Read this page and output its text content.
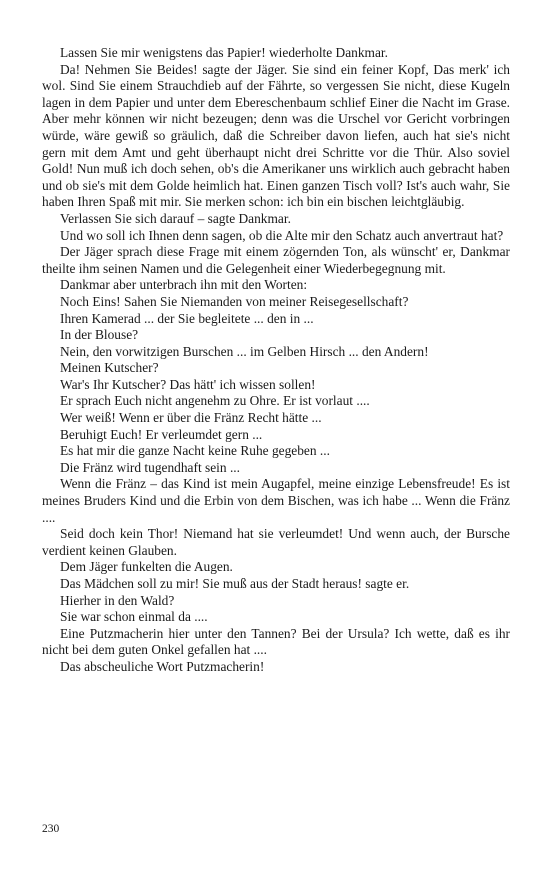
Lassen Sie mir wenigstens das Papier! wiederholte Dankmar.

Da! Nehmen Sie Beides! sagte der Jäger. Sie sind ein feiner Kopf, Das merk' ich wol. Sind Sie einem Strauchdieb auf der Fährte, so vergessen Sie nicht, diese Kugeln lagen in dem Papier und unter dem Ebereschenbaum schlief Einer die Nacht im Grase. Aber mehr können wir nicht bezeugen; denn was die Urschel vor Gericht vorbringen würde, wäre gewiß so gräulich, daß die Schreiber davon liefen, auch hat sie's nicht gern mit dem Amt und geht überhaupt nicht drei Schritte vor die Thür. Also soviel Gold! Nun muß ich doch sehen, ob's die Amerikaner uns wirklich auch gebracht haben und ob sie's mit dem Golde heimlich hat. Einen ganzen Tisch voll? Ist's auch wahr, Sie haben Ihren Spaß mit mir. Sie merken schon: ich bin ein bischen leichtgläubig.

Verlassen Sie sich darauf – sagte Dankmar.

Und wo soll ich Ihnen denn sagen, ob die Alte mir den Schatz auch anvertraut hat?

Der Jäger sprach diese Frage mit einem zögernden Ton, als wünscht' er, Dankmar theilte ihm seinen Namen und die Gelegenheit einer Wiederbegegnung mit.

Dankmar aber unterbrach ihn mit den Worten:

Noch Eins! Sahen Sie Niemanden von meiner Reisegesellschaft?

Ihren Kamerad ... der Sie begleitete ... den in ...

In der Blouse?

Nein, den vorwitzigen Burschen ... im Gelben Hirsch ... den Andern!

Meinen Kutscher?

War's Ihr Kutscher? Das hätt' ich wissen sollen!

Er sprach Euch nicht angenehm zu Ohre. Er ist vorlaut ....

Wer weiß! Wenn er über die Fränz Recht hätte ...

Beruhigt Euch! Er verleumdet gern ...

Es hat mir die ganze Nacht keine Ruhe gegeben ...

Die Fränz wird tugendhaft sein ...

Wenn die Fränz – das Kind ist mein Augapfel, meine einzige Lebensfreude! Es ist meines Bruders Kind und die Erbin von dem Bischen, was ich habe ... Wenn die Fränz ....

Seid doch kein Thor! Niemand hat sie verleumdet! Und wenn auch, der Bursche verdient keinen Glauben.

Dem Jäger funkelten die Augen.

Das Mädchen soll zu mir! Sie muß aus der Stadt heraus! sagte er.

Hierher in den Wald?

Sie war schon einmal da ....

Eine Putzmacherin hier unter den Tannen? Bei der Ursula? Ich wette, daß es ihr nicht bei dem guten Onkel gefallen hat ....

Das abscheuliche Wort Putzmacherin!

230
